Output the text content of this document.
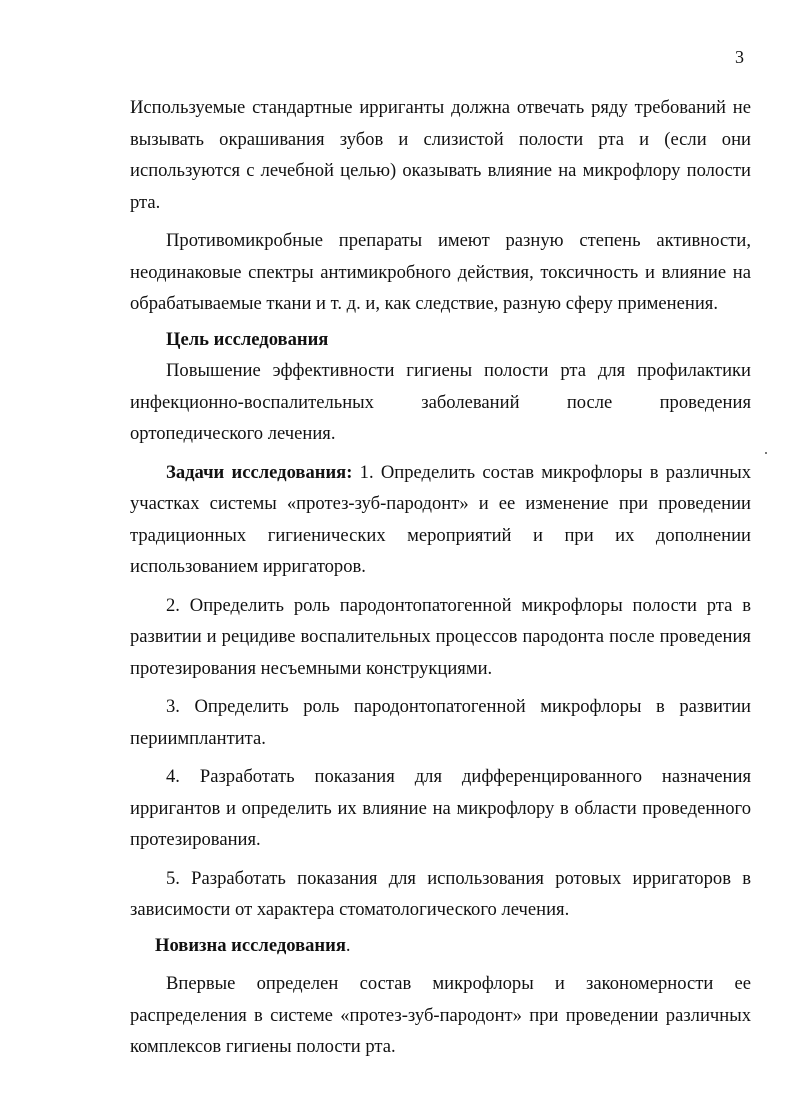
3

Используемые стандартные ирриганты должна отвечать ряду требований не вызывать окрашивания зубов и слизистой полости рта и (если они используются с лечебной целью) оказывать влияние на микрофлору полости рта.

Противомикробные препараты имеют разную степень активности, неодинаковые спектры антимикробного действия, токсичность и влияние на обрабатываемые ткани и т. д. и, как следствие, разную сферу применения.

Цель исследования

Повышение эффективности гигиены полости рта для профилактики инфекционно-воспалительных заболеваний после проведения ортопедического лечения.

Задачи исследования: 1. Определить состав микрофлоры в различных участках системы «протез-зуб-пародонт» и ее изменение при проведении традиционных гигиенических мероприятий и при их дополнении использованием ирригаторов.

2. Определить роль пародонтопатогенной микрофлоры полости рта в развитии и рецидиве воспалительных процессов пародонта после проведения протезирования несъемными конструкциями.

3. Определить роль пародонтопатогенной микрофлоры в развитии периимплантита.

4. Разработать показания для дифференцированного назначения ирригантов и определить их влияние на микрофлору в области проведенного протезирования.

5. Разработать показания для использования ротовых ирригаторов в зависимости от характера стоматологического лечения.

Новизна исследования.

Впервые определен состав микрофлоры и закономерности ее распределения в системе «протез-зуб-пародонт» при проведении различных комплексов гигиены полости рта.
